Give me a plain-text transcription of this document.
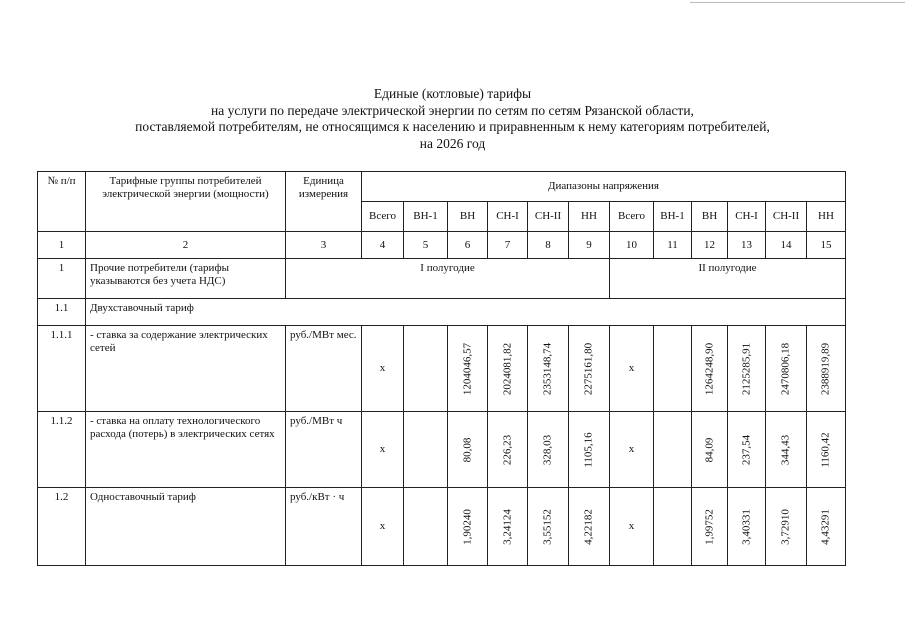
Единые (котловые) тарифы
на услуги по передаче электрической энергии по сетям по сетям Рязанской области,
поставляемой потребителям, не относящимся к населению и приравненным к нему категориям потребителей,
на 2026 год
№ п/п	Тарифные группы потребителей электрической энергии (мощности)	Единица измерения	Диапазоны напряжения											
			Всего	ВН-1	ВН	СН-I	СН-II	НН	Всего	ВН-1	ВН	СН-I	СН-II	НН
1	2	3	4	5	6	7	8	9	10	11	12	13	14	15
1	Прочие потребители (тарифы указываются без учета НДС)	I полугодие							II полугодие					
1.1	Двухставочный тариф													
1.1.1	- ставка за содержание электрических сетей	руб./МВт мес.	х		1204046,57	2024081,82	2353148,74	2275161,80	х		1264248,90	2125285,91	2470806,18	2388919,89

1.1.2	- ставка на оплату технологического расхода (потерь) в электрических сетях	руб./МВт ч	х		80,08	226,23	328,03	1105,16	х		84,09	237,54	344,43	1160,42

1.2	Одноставочный тариф	руб./кВт · ч	х		1,90240	3,24124	3,55152	4,22182	х		1,99752	3,40331	3,72910	4,43291
